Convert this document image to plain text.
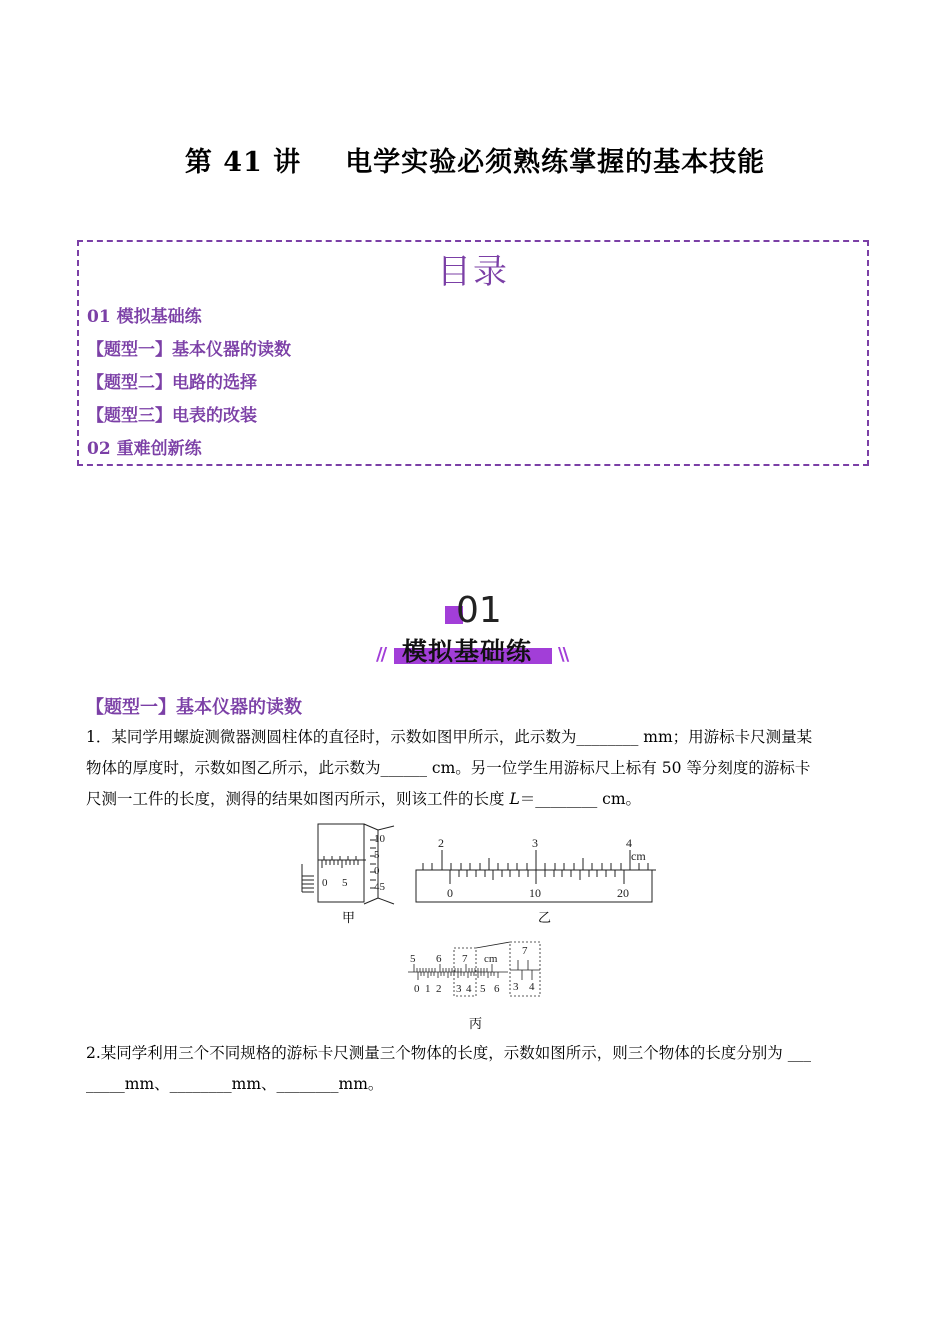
第 41 讲 电学实验必须熟练掌握的基本技能
目录
01 模拟基础练
【题型一】基本仪器的读数
【题型二】电路的选择
【题型三】电表的改装
02 重难创新练
01
模拟基础练
//	\\
【题型一】基本仪器的读数
1．某同学用螺旋测微器测圆柱体的直径时，示数如图甲所示，此示数为________ mm；用游标卡尺测量某
物体的厚度时，示数如图乙所示，此示数为______ cm。另一位学生用游标尺上标有 50 等分刻度的游标卡
尺测一工件的长度，测得的结果如图丙所示，则该工件的长度 L＝________ cm。
0 5
10
5
0
45
甲
2	3	4
cm
0	10	20
乙
5 6 7 cm
0 1 2 3 4 5 6
7
3 4
丙
2.某同学利用三个不同规格的游标卡尺测量三个物体的长度，示数如图所示，则三个物体的长度分别为 ___
_____mm、________mm、________mm。
